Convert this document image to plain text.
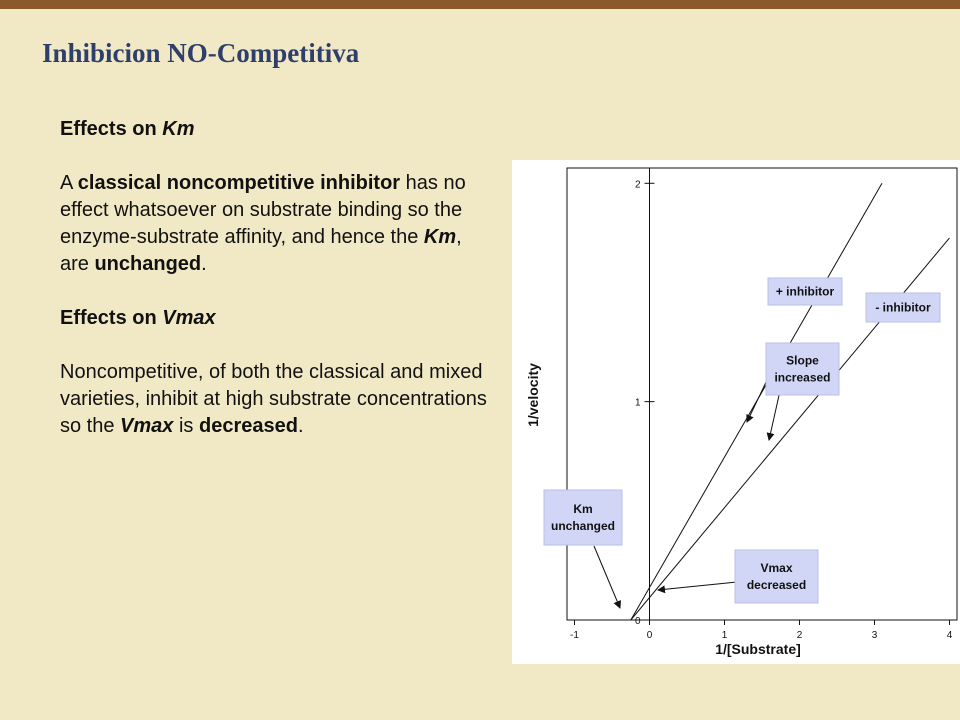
Inhibicion NO-Competitiva

Effects on Km

A classical noncompetitive inhibitor has no effect whatsoever on substrate binding so the enzyme-substrate affinity, and hence the Km, are unchanged.

Effects on Vmax

Noncompetitive, of both the classical and mixed varieties, inhibit at high substrate concentrations so the Vmax is decreased.

-1	0	1	2	3	4
0
1
2
1/[Substrate]
1/velocity
+ inhibitor
- inhibitor
Slope
increased
Km
unchanged
Vmax
decreased
